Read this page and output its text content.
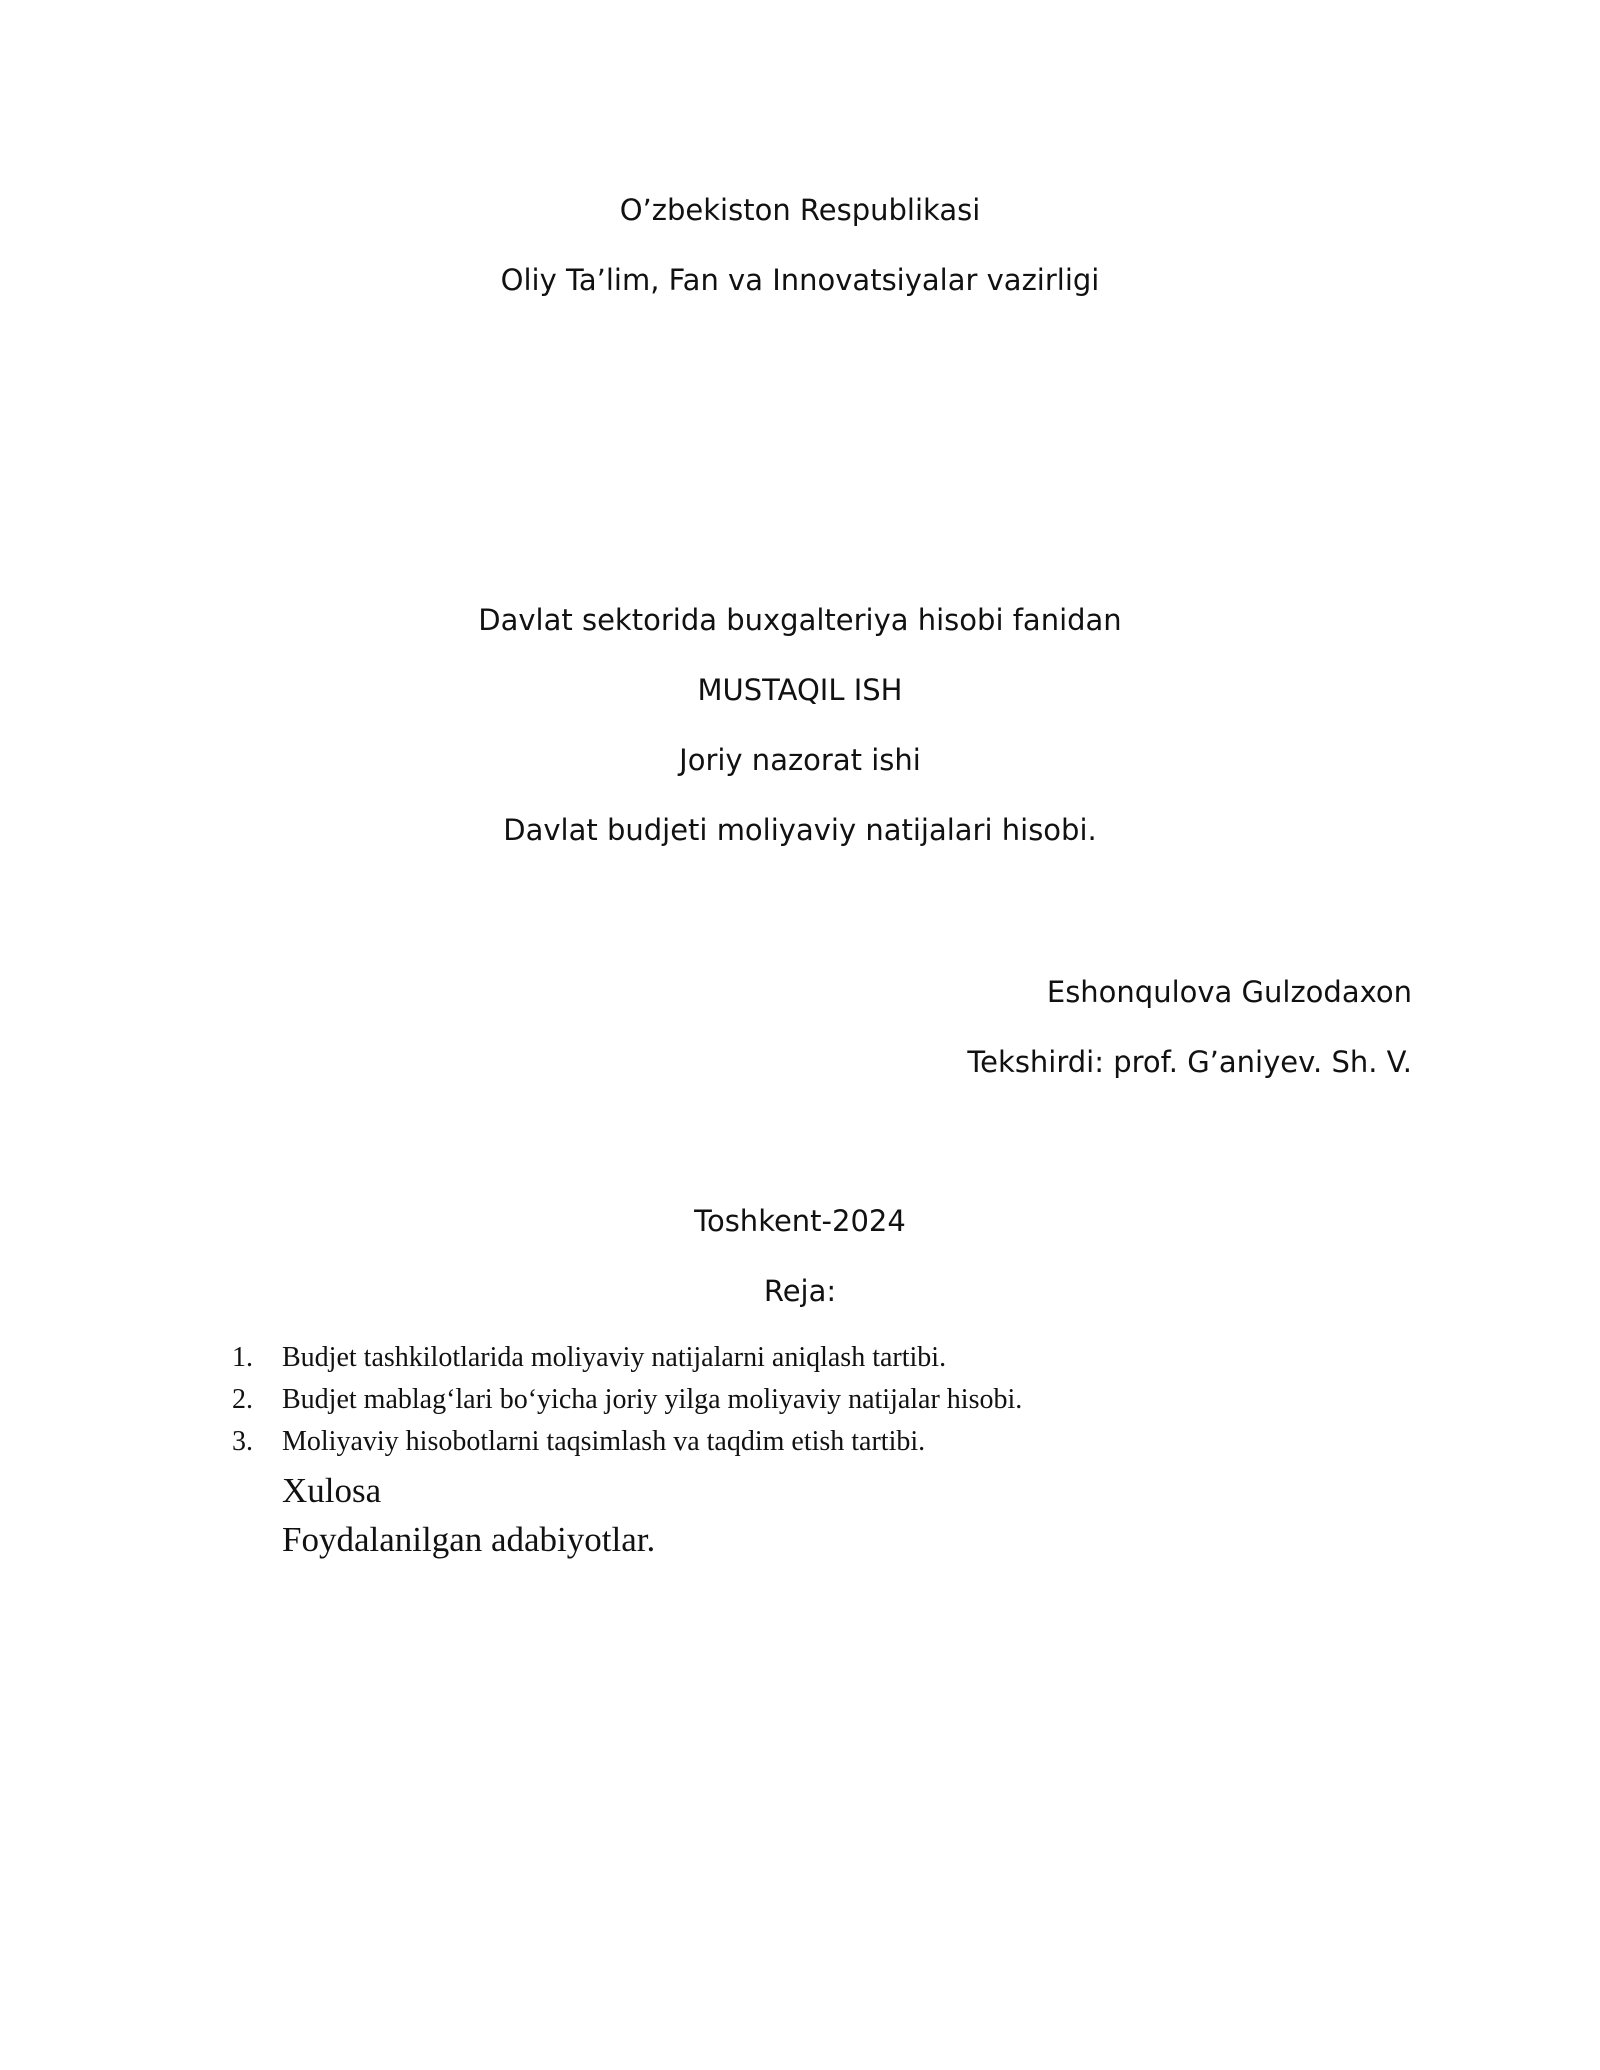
O’zbekiston Respublikasi
Oliy Ta’lim, Fan va Innovatsiyalar vazirligi
Davlat sektorida buxgalteriya hisobi fanidan
MUSTAQIL ISH
Joriy nazorat ishi
Davlat budjeti moliyaviy natijalari hisobi.
Eshonqulova Gulzodaxon
Tekshirdi: prof. G’aniyev. Sh. V.
Toshkent-2024
Reja:
1.	Budjet tashkilotlarida moliyaviy natijalarni aniqlash tartibi.
2.	Budjet mablag‘lari bo‘yicha joriy yilga moliyaviy natijalar hisobi.
3.	Moliyaviy hisobotlarni taqsimlash va taqdim etish tartibi.
Xulosa
Foydalanilgan adabiyotlar.
